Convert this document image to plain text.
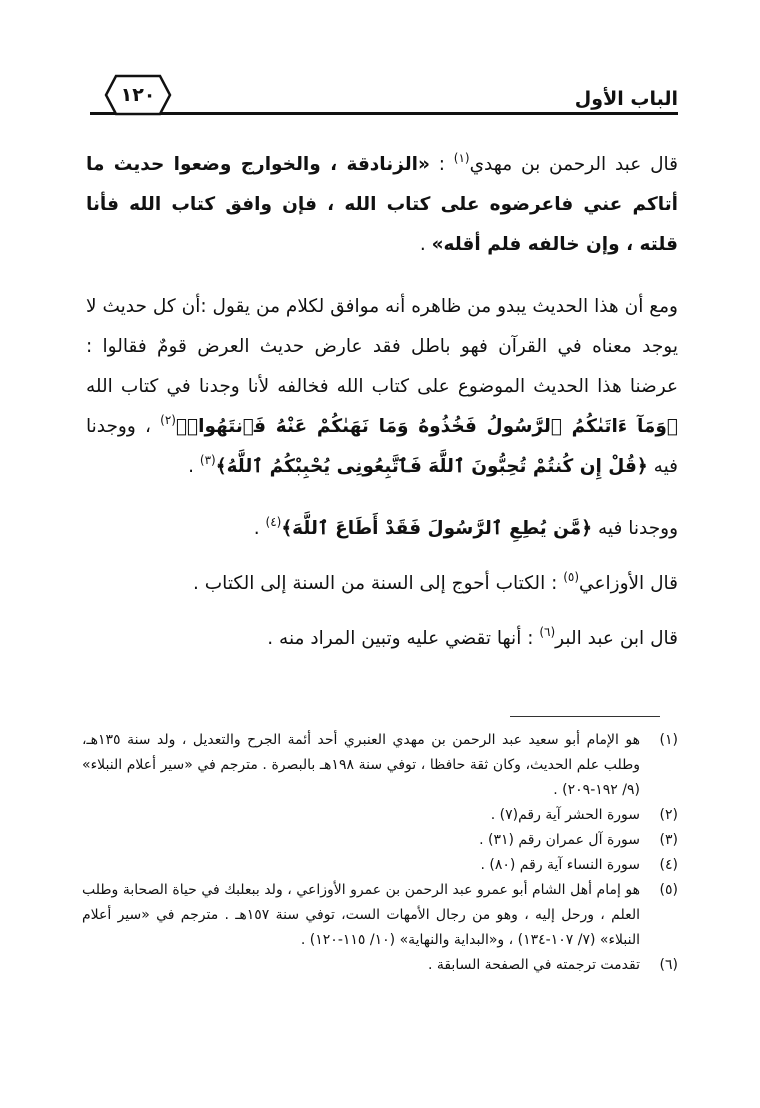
الباب الأول
١٢٠

قال عبد الرحمن بن مهدي$^{(١)}$ : «الزنادقة ، والخوارج وضعوا حديث ما أتاكم عني فاعرضوه على كتاب الله ، فإن وافق كتاب الله فأنا قلته ، وإن خالفه فلم أقله» .

ومع أن هذا الحديث يبدو من ظاهره أنه موافق لكلام من يقول :أن كل حديث لا يوجد معناه في القرآن فهو باطل فقد عارض حديث العرض قومٌ فقالوا : عرضنا هذا الحديث الموضوع على كتاب الله فخالفه لأنا وجدنا في كتاب الله ﴿وَمَآ ءَاتَىٰكُمُ ٱلرَّسُولُ فَخُذُوهُ وَمَا نَهَىٰكُمْ عَنْهُ فَٱنتَهُوا۟﴾$^{(٢)}$ ، ووجدنا فيه ﴿قُلْ إِن كُنتُمْ تُحِبُّونَ ٱللَّهَ فَٱتَّبِعُونِى يُحْبِبْكُمُ ٱللَّهُ﴾$^{(٣)}$ .

ووجدنا فيه ﴿مَّن يُطِعِ ٱلرَّسُولَ فَقَدْ أَطَاعَ ٱللَّهَ﴾$^{(٤)}$ .

قال الأوزاعي$^{(٥)}$ : الكتاب أحوج إلى السنة من السنة إلى الكتاب .

قال ابن عبد البر$^{(٦)}$ : أنها تقضي عليه وتبين المراد منه .

(١)هو الإمام أبو سعيد عبد الرحمن بن مهدي العنبري أحد أئمة الجرح والتعديل ، ولد سنة ١٣٥هـ، وطلب علم الحديث، وكان ثقة حافظا ، توفي سنة ١٩٨هـ بالبصرة . مترجم في «سير أعلام النبلاء» (٩/ ١٩٢-٢٠٩) .

(٢)سورة الحشر آية رقم(٧) .

(٣)سورة آل عمران رقم (٣١) .

(٤)سورة النساء آية رقم (٨٠) .

(٥)هو إمام أهل الشام أبو عمرو عبد الرحمن بن عمرو الأوزاعي ، ولد ببعلبك في حياة الصحابة وطلب العلم ، ورحل إليه ، وهو من رجال الأمهات الست، توفي سنة ١٥٧هـ . مترجم في «سير أعلام النبلاء» (٧/ ١٠٧-١٣٤) ، و«البداية والنهاية» (١٠/ ١١٥-١٢٠) .

(٦)تقدمت ترجمته في الصفحة السابقة .
